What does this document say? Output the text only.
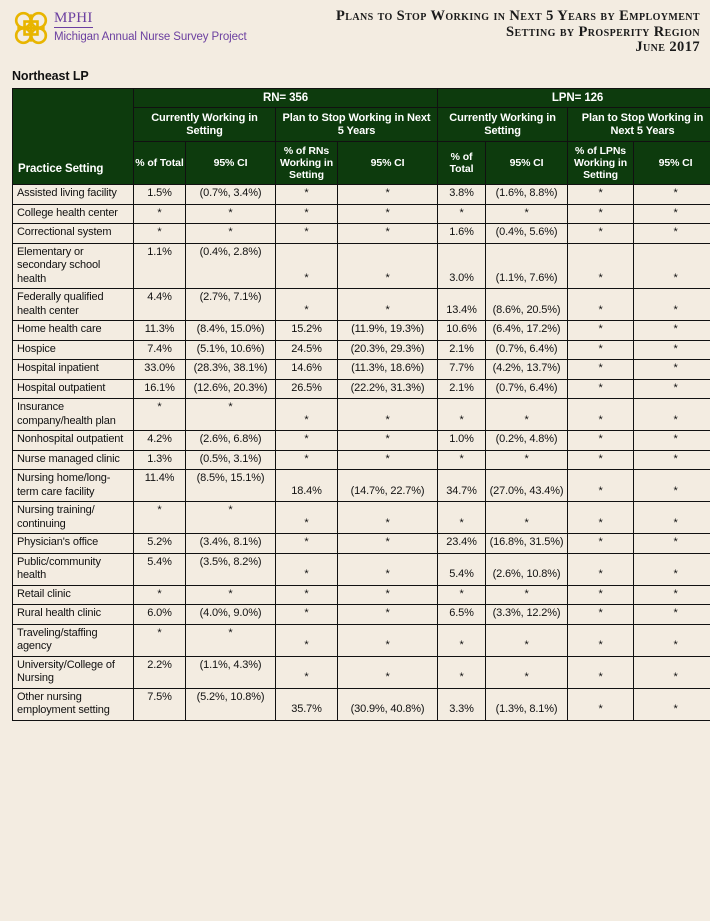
MPHI
Michigan Annual Nurse Survey Project
Plans to Stop Working in Next 5 Years by Employment
Setting by Prosperity Region
June 2017
Northeast LP
Practice Setting	RN= 356				LPN= 126			
	Currently Working in Setting		Plan to Stop Working in Next 5 Years		Currently Working in Setting		Plan to Stop Working in Next 5 Years	
	% of Total	95% CI	% of RNs Working in Setting	95% CI	% of Total	95% CI	% of LPNs Working in Setting	95% CI
Assisted living facility	1.5%	(0.7%, 3.4%)	*	*	3.8%	(1.6%, 8.8%)	*	*
College health center	*	*	*	*	*	*	*	*
Correctional system	*	*	*	*	1.6%	(0.4%, 5.6%)	*	*
Elementary or secondary school health	1.1%	(0.4%, 2.8%)	*	*	3.0%	(1.1%, 7.6%)	*	*
Federally qualified health center	4.4%	(2.7%, 7.1%)	*	*	13.4%	(8.6%, 20.5%)	*	*
Home health care	11.3%	(8.4%, 15.0%)	15.2%	(11.9%, 19.3%)	10.6%	(6.4%, 17.2%)	*	*
Hospice	7.4%	(5.1%, 10.6%)	24.5%	(20.3%, 29.3%)	2.1%	(0.7%, 6.4%)	*	*
Hospital inpatient	33.0%	(28.3%, 38.1%)	14.6%	(11.3%, 18.6%)	7.7%	(4.2%, 13.7%)	*	*
Hospital outpatient	16.1%	(12.6%, 20.3%)	26.5%	(22.2%, 31.3%)	2.1%	(0.7%, 6.4%)	*	*
Insurance company/health plan	*	*	*	*	*	*	*	*
Nonhospital outpatient	4.2%	(2.6%, 6.8%)	*	*	1.0%	(0.2%, 4.8%)	*	*
Nurse managed clinic	1.3%	(0.5%, 3.1%)	*	*	*	*	*	*
Nursing home/long-term care facility	11.4%	(8.5%, 15.1%)	18.4%	(14.7%, 22.7%)	34.7%	(27.0%, 43.4%)	*	*
Nursing training/ continuing	*	*	*	*	*	*	*	*
Physician's office	5.2%	(3.4%, 8.1%)	*	*	23.4%	(16.8%, 31.5%)	*	*
Public/community health	5.4%	(3.5%, 8.2%)	*	*	5.4%	(2.6%, 10.8%)	*	*
Retail clinic	*	*	*	*	*	*	*	*
Rural health clinic	6.0%	(4.0%, 9.0%)	*	*	6.5%	(3.3%, 12.2%)	*	*
Traveling/staffing agency	*	*	*	*	*	*	*	*
University/College of Nursing	2.2%	(1.1%, 4.3%)	*	*	*	*	*	*
Other nursing employment setting	7.5%	(5.2%, 10.8%)	35.7%	(30.9%, 40.8%)	3.3%	(1.3%, 8.1%)	*	*
